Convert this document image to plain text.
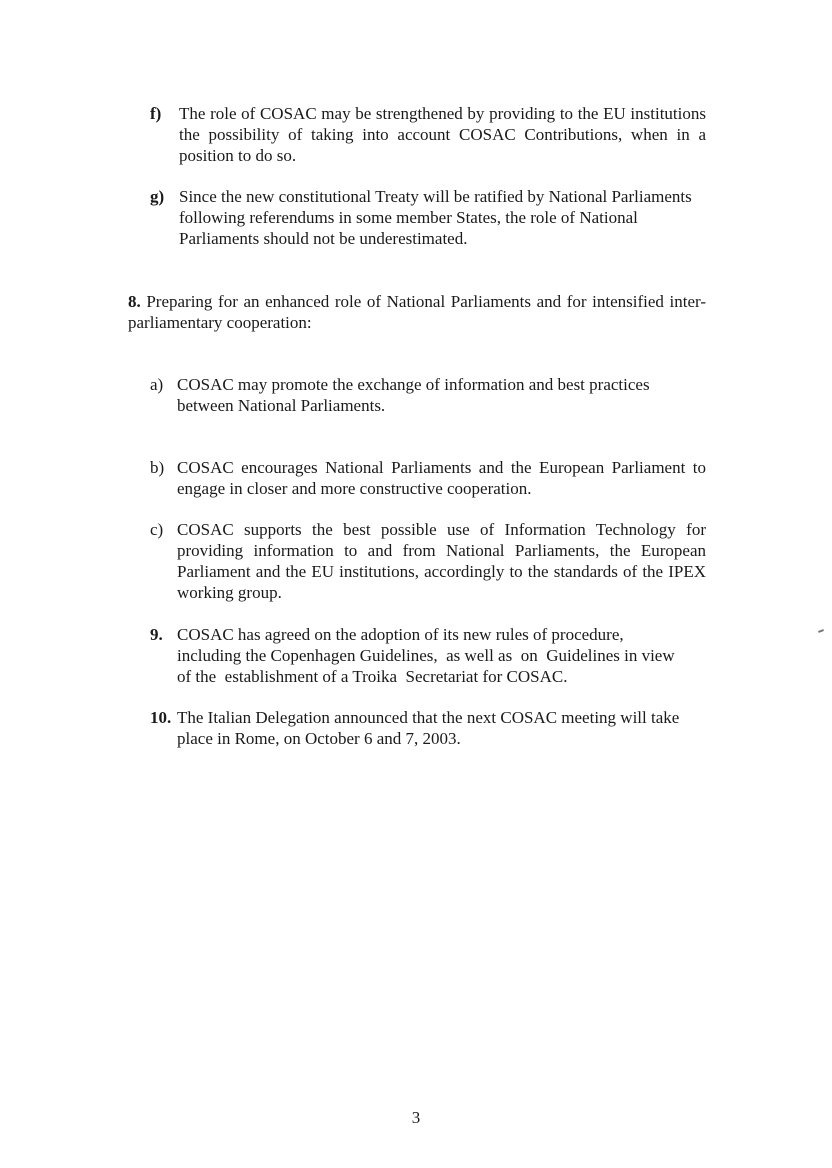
f)	The role of COSAC may be strengthened by providing to the EU institutions the possibility of taking into account COSAC Contributions, when in a position to do so.
g) Since the new constitutional Treaty will be ratified by National Parliaments following referendums in some member States, the role of National Parliaments should not be underestimated.
8. Preparing for an enhanced role of National Parliaments and for intensified inter-parliamentary cooperation:
a) COSAC may promote the exchange of information and best practices between National Parliaments.
b) COSAC encourages National Parliaments and the European Parliament to engage in closer and more constructive cooperation.
c) COSAC supports the best possible use of Information Technology for providing information to and from National Parliaments, the European Parliament and the EU institutions, accordingly to the standards of the IPEX working group.
9. COSAC has agreed on the adoption of its new rules of procedure, including the Copenhagen Guidelines,  as well as  on  Guidelines in view of the  establishment of a Troika  Secretariat for COSAC.
10. The Italian Delegation announced that the next COSAC meeting will take place in Rome, on October 6 and 7, 2003.
3
